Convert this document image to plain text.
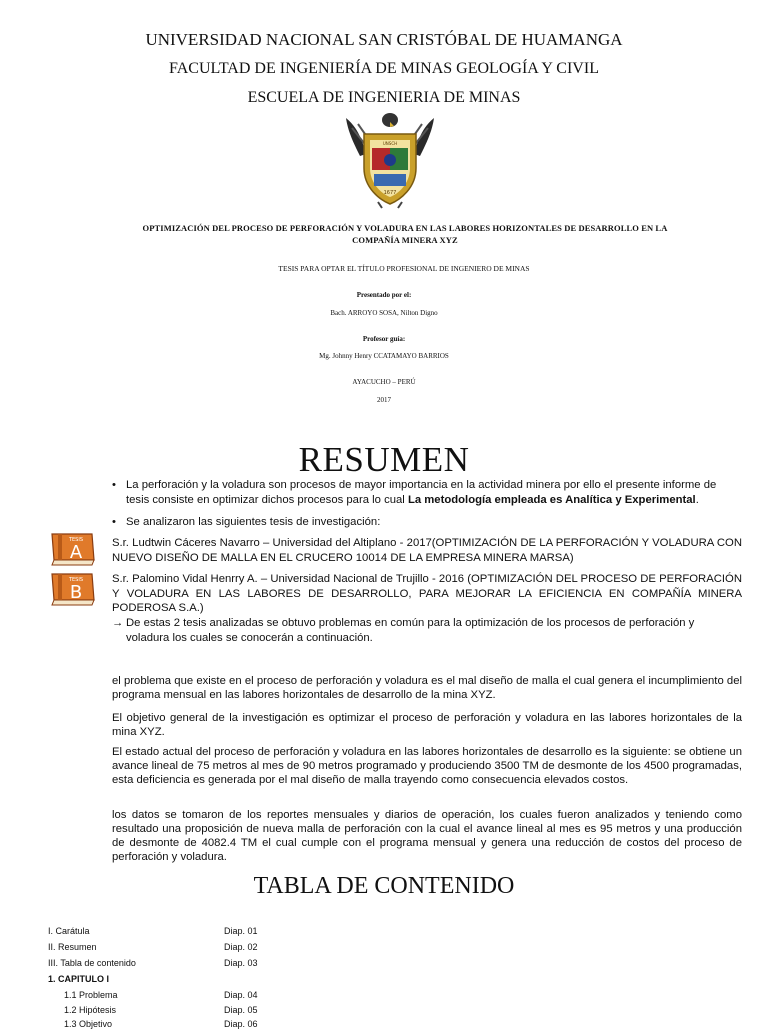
UNIVERSIDAD NACIONAL SAN CRISTÓBAL DE HUAMANGA
FACULTAD DE INGENIERÍA DE MINAS GEOLOGÍA Y CIVIL
ESCUELA DE INGENIERIA DE MINAS
UNSCH
1677
OPTIMIZACIÓN DEL PROCESO DE PERFORACIÓN Y VOLADURA EN LAS LABORES HORIZONTALES DE DESARROLLO EN LA COMPAÑÍA MINERA XYZ
TESIS PARA OPTAR EL TÍTULO PROFESIONAL DE INGENIERO DE MINAS
Presentado por el:
Bach. ARROYO SOSA, Nilton Digno
Profesor guía:
Mg. Johnny Henry CCATAMAYO BARRIOS
AYACUCHO – PERÚ
2017
RESUMEN
• La perforación y la voladura son procesos de mayor importancia en la actividad minera por ello el presente informe de tesis consiste en optimizar dichos procesos para lo cual La metodología empleada es Analítica y Experimental.
• Se analizaron las siguientes tesis de investigación:
TESIS
A
TESIS
B
S.r. Ludtwin Cáceres Navarro – Universidad del Altiplano - 2017(OPTIMIZACIÓN DE LA PERFORACIÓN Y VOLADURA CON NUEVO DISEÑO DE MALLA EN EL CRUCERO 10014 DE LA EMPRESA MINERA MARSA)
S.r. Palomino Vidal Henrry A. – Universidad Nacional de Trujillo - 2016 (OPTIMIZACIÓN DEL PROCESO DE PERFORACIÓN Y VOLADURA EN LAS LABORES DE DESARROLLO, PARA MEJORAR LA EFICIENCIA EN COMPAÑÍA MINERA PODEROSA S.A.)
→ De estas 2 tesis analizadas se obtuvo problemas en común para la optimización de los procesos de perforación y voladura los cuales se conocerán a continuación.
el problema que existe en el proceso de perforación y voladura es el mal diseño de malla el cual genera el incumplimiento del programa mensual en las labores horizontales de desarrollo de la mina XYZ.
El objetivo general de la investigación es optimizar el proceso de perforación y voladura en las labores horizontales de la mina XYZ.
El estado actual del proceso de perforación y voladura en las labores horizontales de desarrollo es la siguiente: se obtiene un avance lineal de 75 metros al mes de 90 metros programado y produciendo 3500 TM de desmonte de los 4500 programadas, esta deficiencia es generada por el mal diseño de malla trayendo como consecuencia elevados costos.
los datos se tomaron de los reportes mensuales y diarios de operación, los cuales fueron analizados y teniendo como resultado una proposición de nueva malla de perforación con la cual el avance lineal al mes es 95 metros y una producción de desmonte de 4082.4 TM el cual cumple con el programa mensual y genera una reducción de costos del proceso de perforación y voladura.
TABLA DE CONTENIDO
I. Carátula	Diap. 01
II. Resumen	Diap. 02
III. Tabla de contenido	Diap. 03
1. CAPITULO I
1.1 Problema	Diap. 04
1.2 Hipótesis	Diap. 05
1.3 Objetivo	Diap. 06
